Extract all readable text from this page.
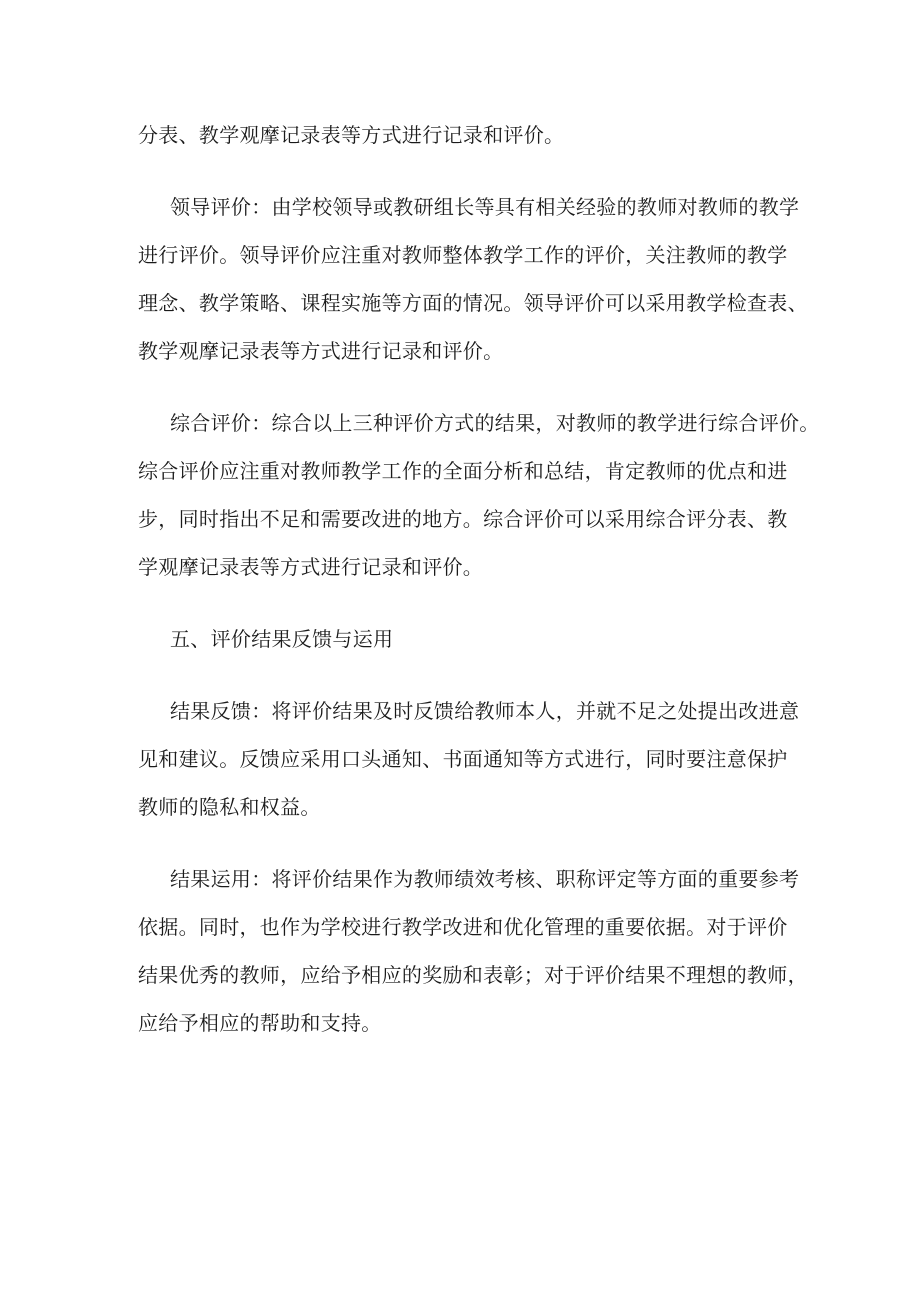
分表、教学观摩记录表等方式进行记录和评价。
领导评价：由学校领导或教研组长等具有相关经验的教师对教师的教学
进行评价。领导评价应注重对教师整体教学工作的评价，关注教师的教学
理念、教学策略、课程实施等方面的情况。领导评价可以采用教学检查表、
教学观摩记录表等方式进行记录和评价。
综合评价：综合以上三种评价方式的结果，对教师的教学进行综合评价。
综合评价应注重对教师教学工作的全面分析和总结，肯定教师的优点和进
步，同时指出不足和需要改进的地方。综合评价可以采用综合评分表、教
学观摩记录表等方式进行记录和评价。
五、评价结果反馈与运用
结果反馈：将评价结果及时反馈给教师本人，并就不足之处提出改进意
见和建议。反馈应采用口头通知、书面通知等方式进行，同时要注意保护
教师的隐私和权益。
结果运用：将评价结果作为教师绩效考核、职称评定等方面的重要参考
依据。同时，也作为学校进行教学改进和优化管理的重要依据。对于评价
结果优秀的教师，应给予相应的奖励和表彰；对于评价结果不理想的教师，
应给予相应的帮助和支持。
